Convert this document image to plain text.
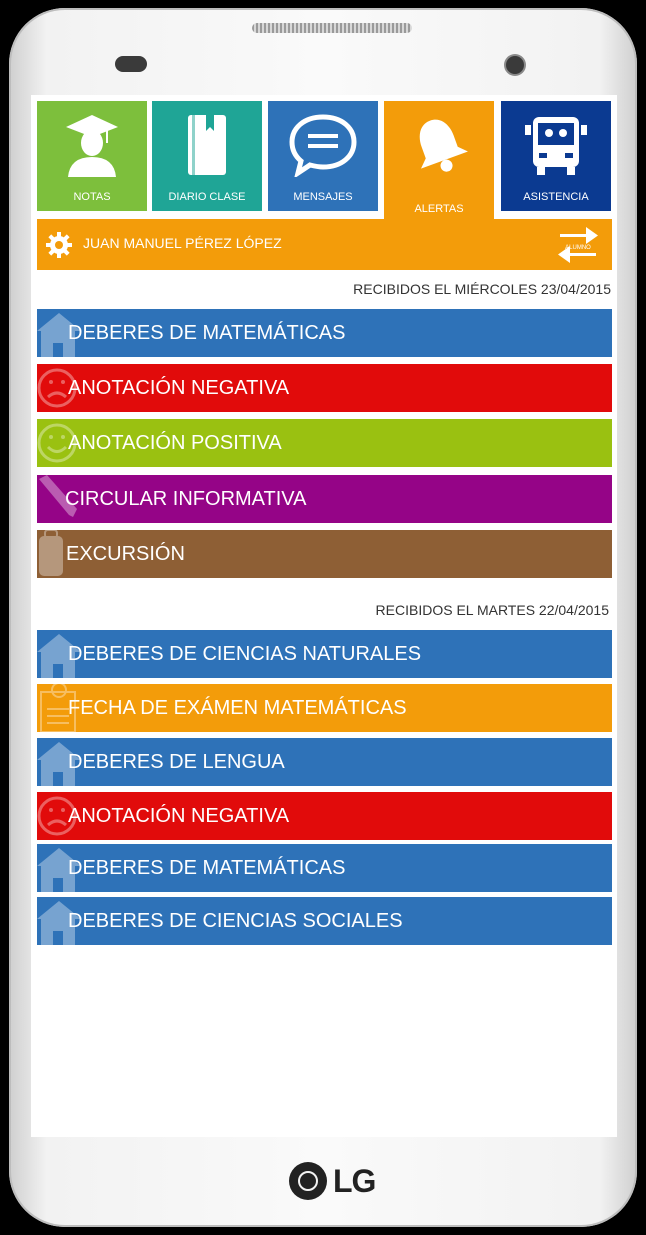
LG
NOTAS	DIARIO CLASE	MENSAJES
ALERTAS
ASISTENCIA
JUAN MANUEL PÉREZ LÓPEZ	ALUMNO
RECIBIDOS EL MIÉRCOLES 23/04/2015
DEBERES DE MATEMÁTICAS
ANOTACIÓN NEGATIVA
ANOTACIÓN POSITIVA
CIRCULAR INFORMATIVA
EXCURSIÓN
RECIBIDOS EL MARTES 22/04/2015
DEBERES DE CIENCIAS NATURALES
FECHA DE EXÁMEN MATEMÁTICAS
DEBERES DE LENGUA
ANOTACIÓN NEGATIVA
DEBERES DE MATEMÁTICAS
DEBERES DE CIENCIAS SOCIALES
